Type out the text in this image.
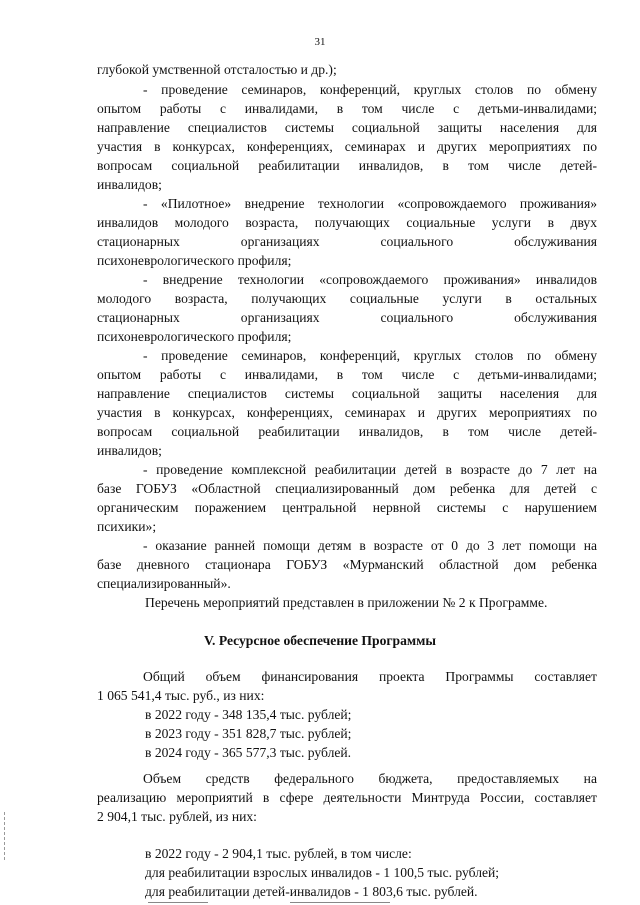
31
глубокой умственной отсталостью и др.);
- проведение семинаров, конференций, круглых столов по обмену
опытом работы с инвалидами, в том числе с детьми-инвалидами;
направление специалистов системы социальной защиты населения для
участия в конкурсах, конференциях, семинарах и других мероприятиях по
вопросам социальной реабилитации инвалидов, в том числе детей-
инвалидов;
- «Пилотное» внедрение технологии «сопровождаемого проживания»
инвалидов молодого возраста, получающих социальные услуги в двух
стационарных организациях социального обслуживания
психоневрологического профиля;
- внедрение технологии «сопровождаемого проживания» инвалидов
молодого возраста, получающих социальные услуги в остальных
стационарных организациях социального обслуживания
психоневрологического профиля;
- проведение семинаров, конференций, круглых столов по обмену
опытом работы с инвалидами, в том числе с детьми-инвалидами;
направление специалистов системы социальной защиты населения для
участия в конкурсах, конференциях, семинарах и других мероприятиях по
вопросам социальной реабилитации инвалидов, в том числе детей-
инвалидов;
- проведение комплексной реабилитации детей в возрасте до 7 лет на
базе ГОБУЗ «Областной специализированный дом ребенка для детей с
органическим поражением центральной нервной системы с нарушением
психики»;
- оказание ранней помощи детям в возрасте от 0 до 3 лет помощи на
базе дневного стационара ГОБУЗ «Мурманский областной дом ребенка
специализированный».
Перечень мероприятий представлен в приложении № 2 к Программе.
V. Ресурсное обеспечение Программы
Общий объем финансирования проекта Программы составляет
1 065 541,4 тыс. руб., из них:
в 2022 году - 348 135,4 тыс. рублей;
в 2023 году - 351 828,7 тыс. рублей;
в 2024 году - 365 577,3 тыс. рублей.
Объем средств федерального бюджета, предоставляемых на
реализацию мероприятий в сфере деятельности Минтруда России, составляет
2 904,1 тыс. рублей, из них:
в 2022 году - 2 904,1 тыс. рублей, в том числе:
для реабилитации взрослых инвалидов - 1 100,5 тыс. рублей;
для реабилитации детей-инвалидов - 1 803,6 тыс. рублей.
